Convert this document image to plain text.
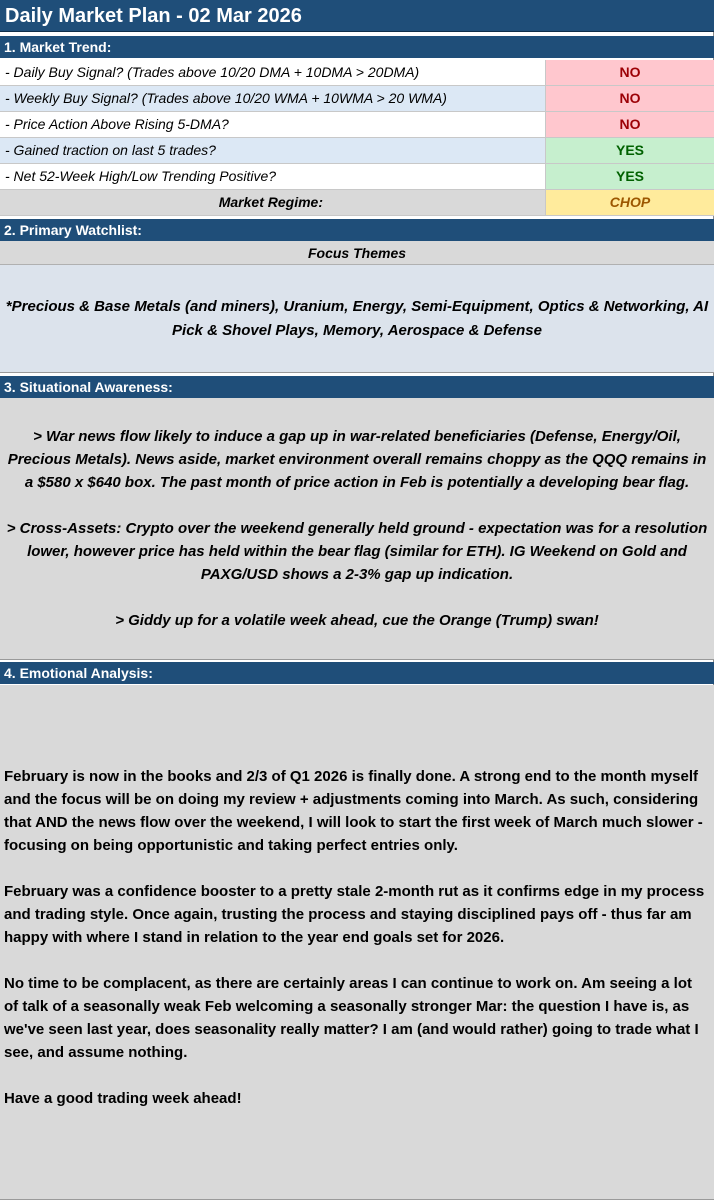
Daily Market Plan - 02 Mar 2026
1. Market Trend:
- Daily Buy Signal? (Trades above 10/20 DMA + 10DMA > 20DMA)	NO
- Weekly Buy Signal? (Trades above 10/20 WMA + 10WMA > 20 WMA)	NO
- Price Action Above Rising 5-DMA?	NO
- Gained traction on last 5 trades?	YES
- Net 52-Week High/Low Trending Positive?	YES
Market Regime:	CHOP
2. Primary Watchlist:
Focus Themes
*Precious & Base Metals (and miners), Uranium, Energy, Semi-Equipment, Optics & Networking, AI Pick & Shovel Plays, Memory, Aerospace & Defense
3. Situational Awareness:

> War news flow likely to induce a gap up in war-related beneficiaries (Defense, Energy/Oil, Precious Metals). News aside, market environment overall remains choppy as the QQQ remains in a $580 x $640 box. The past month of price action in Feb is potentially a developing bear flag.

> Cross-Assets: Crypto over the weekend generally held ground - expectation was for a resolution lower, however price has held within the bear flag (similar for ETH). IG Weekend on Gold and PAXG/USD shows a 2-3% gap up indication.

> Giddy up for a volatile week ahead, cue the Orange (Trump) swan!

4. Emotional Analysis:

February is now in the books and 2/3 of Q1 2026 is finally done. A strong end to the month myself and the focus will be on doing my review + adjustments coming into March. As such, considering that AND the news flow over the weekend, I will look to start the first week of March much slower - focusing on being opportunistic and taking perfect entries only.

February was a confidence booster to a pretty stale 2-month rut as it confirms edge in my process and trading style. Once again, trusting the process and staying disciplined pays off - thus far am happy with where I stand in relation to the year end goals set for 2026.

No time to be complacent, as there are certainly areas I can continue to work on. Am seeing a lot of talk of a seasonally weak Feb welcoming a seasonally stronger Mar: the question I have is, as we've seen last year, does seasonality really matter? I am (and would rather) going to trade what I see, and assume nothing.

Have a good trading week ahead!
